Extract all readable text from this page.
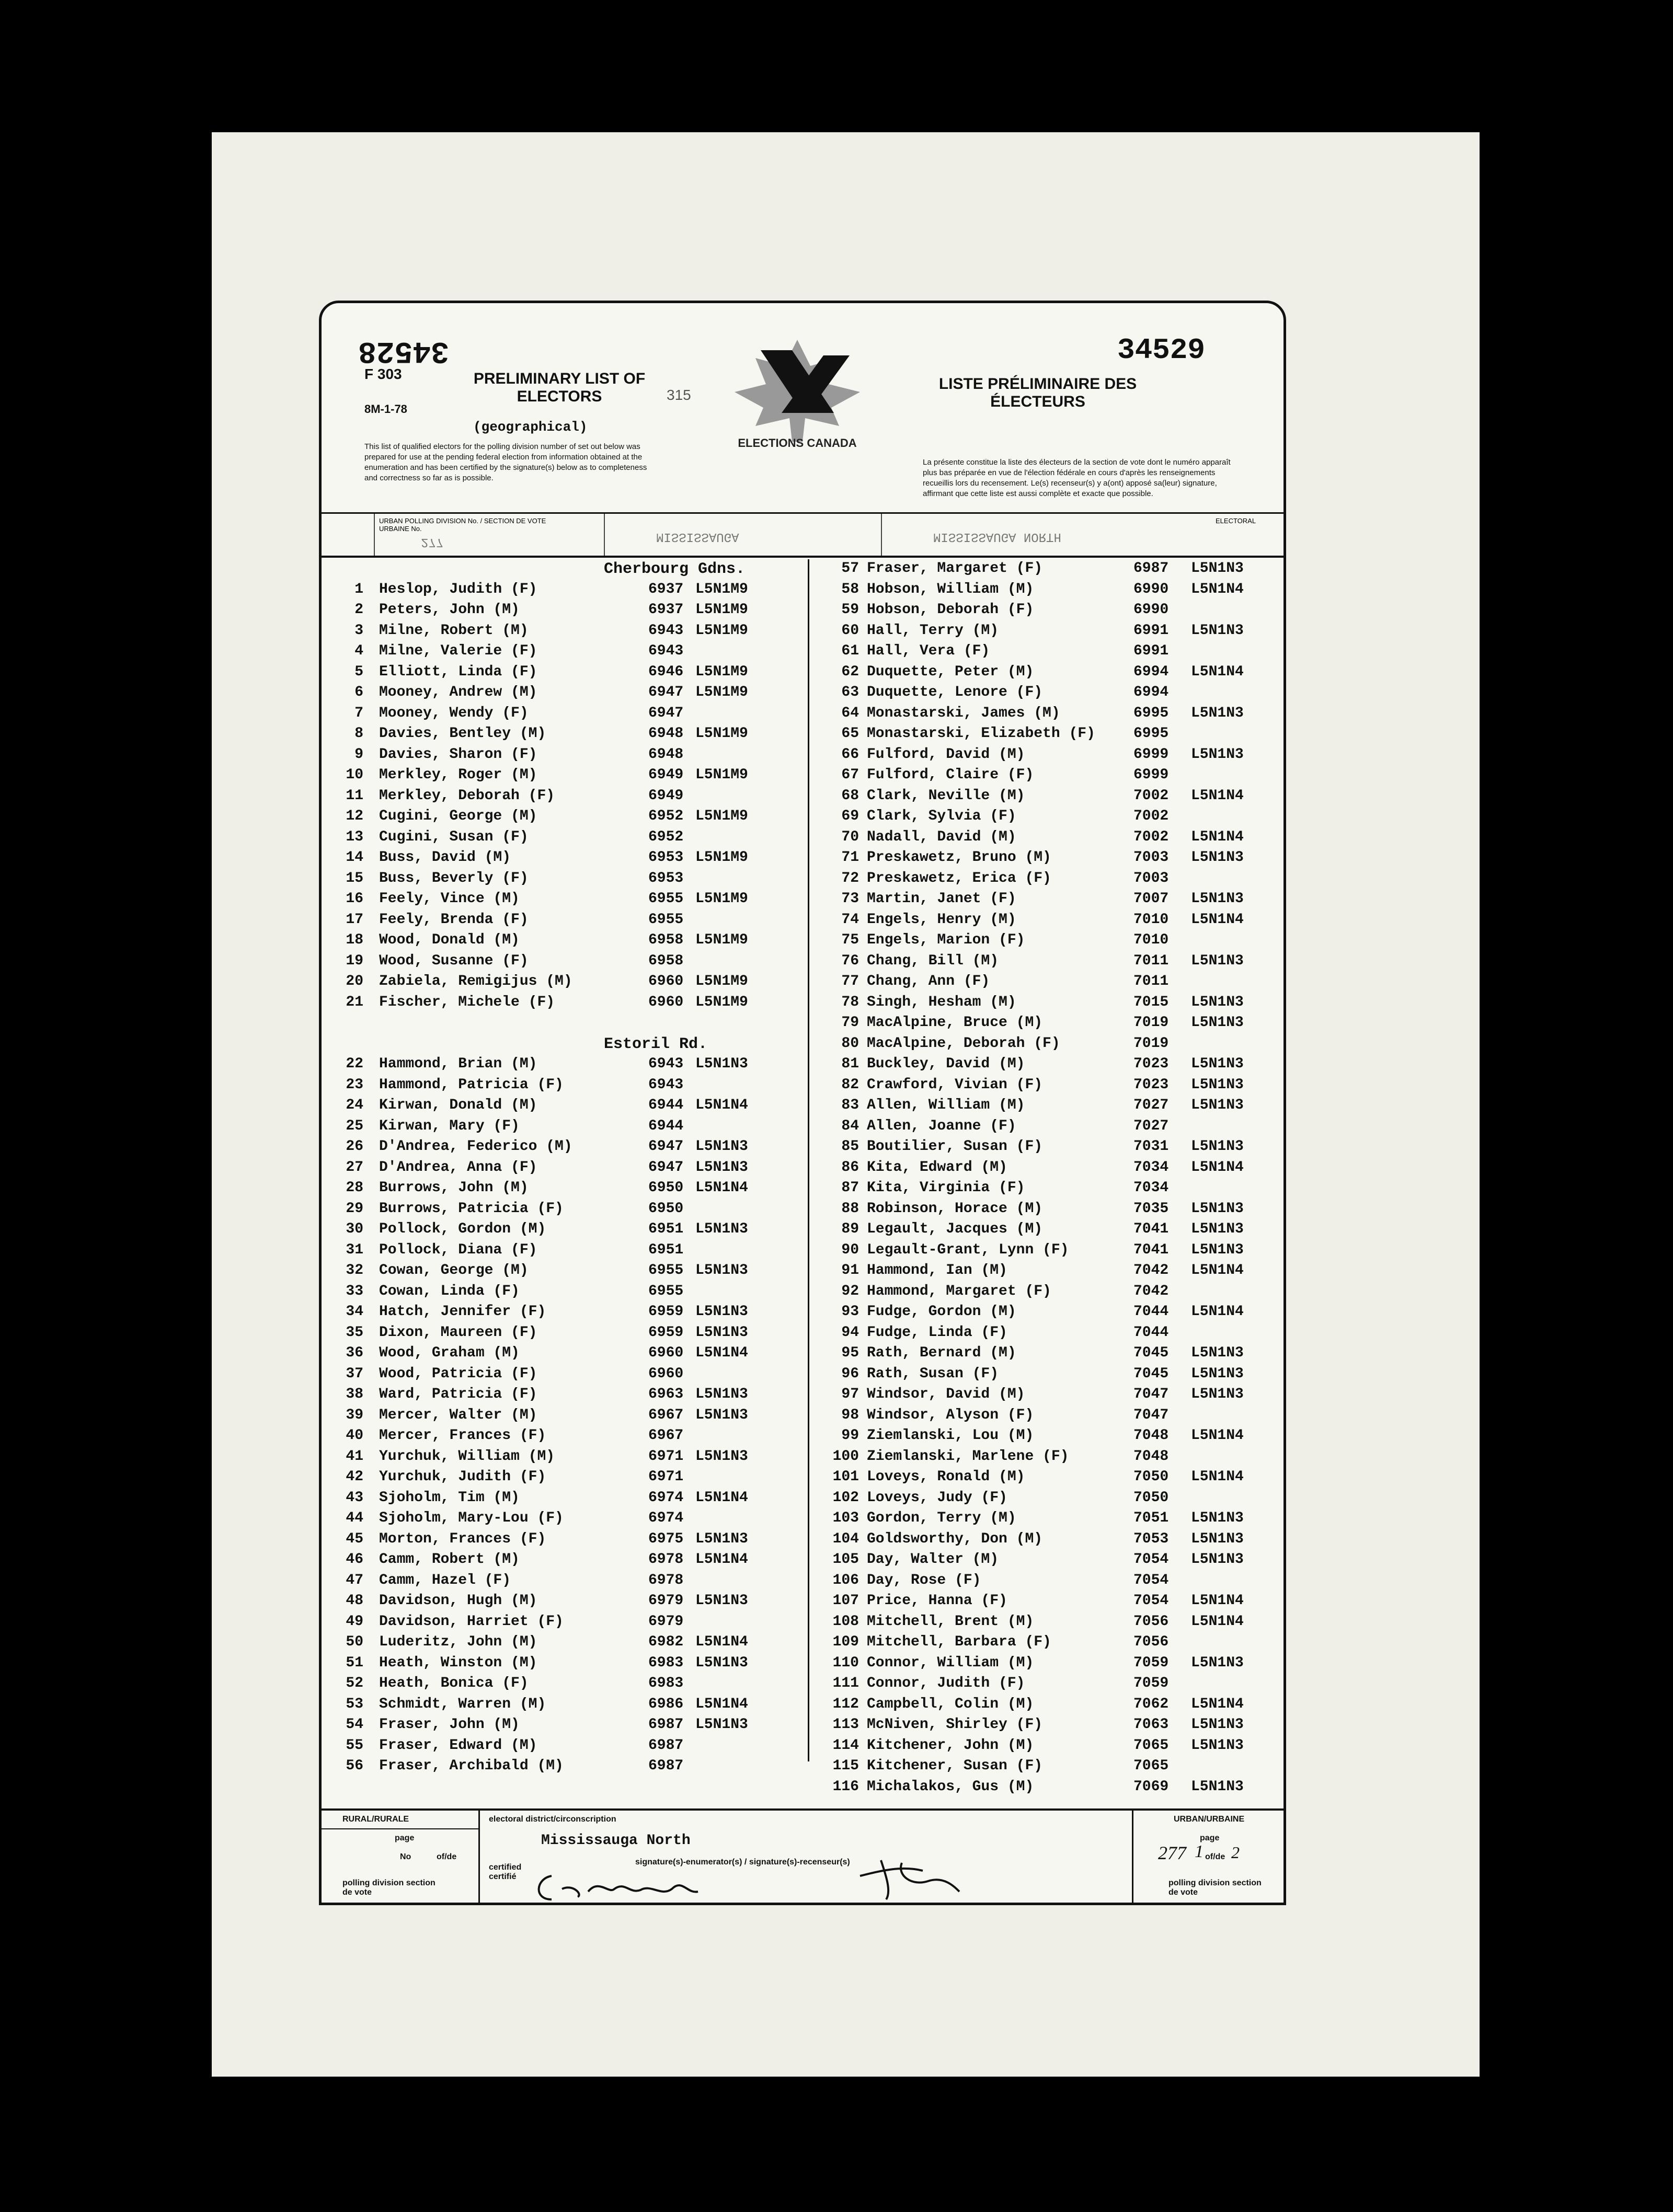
34528	34529
F 303
8M-1-78
PRELIMINARY LIST OF ELECTORS
(geographical)
315
ELECTIONS CANADA
LISTE PRÉLIMINAIRE DES ÉLECTEURS
This list of qualified electors for the polling division number of set out below was prepared for use at the pending federal election from information obtained at the enumeration and has been certified by the signature(s) below as to completeness and correctness so far as is possible.
La présente constitue la liste des électeurs de la section de vote dont le numéro apparaît plus bas préparée en vue de l'élection fédérale en cours d'après les renseignements recueillis lors du recensement. Le(s) recenseur(s) y a(ont) apposé sa(leur) signature, affirmant que cette liste est aussi complète et exacte que possible.
URBAN POLLING DIVISION No. / SECTION DE VOTE URBAINE No.
277	MISSISSAUGA
ELECTORAL
MISSISSAUGA NORTH
Cherbourg Gdns.
1 Heslop, Judith (F)	6937 L5N1M9
2 Peters, John (M)	6937 L5N1M9
3 Milne, Robert (M)	6943 L5N1M9
4 Milne, Valerie (F)	6943
5 Elliott, Linda (F)	6946 L5N1M9
6 Mooney, Andrew (M)	6947 L5N1M9
7 Mooney, Wendy (F)	6947
8 Davies, Bentley (M)	6948 L5N1M9
9 Davies, Sharon (F)	6948
10 Merkley, Roger (M)	6949 L5N1M9
11 Merkley, Deborah (F)	6949
12 Cugini, George (M)	6952 L5N1M9
13 Cugini, Susan (F)	6952
14 Buss, David (M)	6953 L5N1M9
15 Buss, Beverly (F)	6953
16 Feely, Vince (M)	6955 L5N1M9
17 Feely, Brenda (F)	6955
18 Wood, Donald (M)	6958 L5N1M9
19 Wood, Susanne (F)	6958
20 Zabiela, Remigijus (M)	6960 L5N1M9
21 Fischer, Michele (F)	6960 L5N1M9
Estoril Rd.
22 Hammond, Brian (M)	6943 L5N1N3
23 Hammond, Patricia (F)	6943
24 Kirwan, Donald (M)	6944 L5N1N4
25 Kirwan, Mary (F)	6944
26 D'Andrea, Federico (M)	6947 L5N1N3
27 D'Andrea, Anna (F)	6947 L5N1N3
28 Burrows, John (M)	6950 L5N1N4
29 Burrows, Patricia (F)	6950
30 Pollock, Gordon (M)	6951 L5N1N3
31 Pollock, Diana (F)	6951
32 Cowan, George (M)	6955 L5N1N3
33 Cowan, Linda (F)	6955
34 Hatch, Jennifer (F)	6959 L5N1N3
35 Dixon, Maureen (F)	6959 L5N1N3
36 Wood, Graham (M)	6960 L5N1N4
37 Wood, Patricia (F)	6960
38 Ward, Patricia (F)	6963 L5N1N3
39 Mercer, Walter (M)	6967 L5N1N3
40 Mercer, Frances (F)	6967
41 Yurchuk, William (M)	6971 L5N1N3
42 Yurchuk, Judith (F)	6971
43 Sjoholm, Tim (M)	6974 L5N1N4
44 Sjoholm, Mary-Lou (F)	6974
45 Morton, Frances (F)	6975 L5N1N3
46 Camm, Robert (M)	6978 L5N1N4
47 Camm, Hazel (F)	6978
48 Davidson, Hugh (M)	6979 L5N1N3
49 Davidson, Harriet (F)	6979
50 Luderitz, John (M)	6982 L5N1N4
51 Heath, Winston (M)	6983 L5N1N3
52 Heath, Bonica (F)	6983
53 Schmidt, Warren (M)	6986 L5N1N4
54 Fraser, John (M)	6987 L5N1N3
55 Fraser, Edward (M)	6987
56 Fraser, Archibald (M)	6987
57 Fraser, Margaret (F)	6987 L5N1N3
58 Hobson, William (M)	6990 L5N1N4
59 Hobson, Deborah (F)	6990
60 Hall, Terry (M)	6991 L5N1N3
61 Hall, Vera (F)	6991
62 Duquette, Peter (M)	6994 L5N1N4
63 Duquette, Lenore (F)	6994
64 Monastarski, James (M)	6995 L5N1N3
65 Monastarski, Elizabeth (F)	6995
66 Fulford, David (M)	6999 L5N1N3
67 Fulford, Claire (F)	6999
68 Clark, Neville (M)	7002 L5N1N4
69 Clark, Sylvia (F)	7002
70 Nadall, David (M)	7002 L5N1N4
71 Preskawetz, Bruno (M)	7003 L5N1N3
72 Preskawetz, Erica (F)	7003
73 Martin, Janet (F)	7007 L5N1N3
74 Engels, Henry (M)	7010 L5N1N4
75 Engels, Marion (F)	7010
76 Chang, Bill (M)	7011 L5N1N3
77 Chang, Ann (F)	7011
78 Singh, Hesham (M)	7015 L5N1N3
79 MacAlpine, Bruce (M)	7019 L5N1N3
80 MacAlpine, Deborah (F)	7019
81 Buckley, David (M)	7023 L5N1N3
82 Crawford, Vivian (F)	7023 L5N1N3
83 Allen, William (M)	7027 L5N1N3
84 Allen, Joanne (F)	7027
85 Boutilier, Susan (F)	7031 L5N1N3
86 Kita, Edward (M)	7034 L5N1N4
87 Kita, Virginia (F)	7034
88 Robinson, Horace (M)	7035 L5N1N3
89 Legault, Jacques (M)	7041 L5N1N3
90 Legault-Grant, Lynn (F)	7041 L5N1N3
91 Hammond, Ian (M)	7042 L5N1N4
92 Hammond, Margaret (F)	7042
93 Fudge, Gordon (M)	7044 L5N1N4
94 Fudge, Linda (F)	7044
95 Rath, Bernard (M)	7045 L5N1N3
96 Rath, Susan (F)	7045 L5N1N3
97 Windsor, David (M)	7047 L5N1N3
98 Windsor, Alyson (F)	7047
99 Ziemlanski, Lou (M)	7048 L5N1N4
100 Ziemlanski, Marlene (F)	7048
101 Loveys, Ronald (M)	7050 L5N1N4
102 Loveys, Judy (F)	7050
103 Gordon, Terry (M)	7051 L5N1N3
104 Goldsworthy, Don (M)	7053 L5N1N3
105 Day, Walter (M)	7054 L5N1N3
106 Day, Rose (F)	7054
107 Price, Hanna (F)	7054 L5N1N4
108 Mitchell, Brent (M)	7056 L5N1N4
109 Mitchell, Barbara (F)	7056
110 Connor, William (M)	7059 L5N1N3
111 Connor, Judith (F)	7059
112 Campbell, Colin (M)	7062 L5N1N4
113 McNiven, Shirley (F)	7063 L5N1N3
114 Kitchener, John (M)	7065 L5N1N3
115 Kitchener, Susan (F)	7065
116 Michalakos, Gus (M)	7069 L5N1N3
RURAL/RURALE
page
No	of/de
polling division section de vote
electoral district/circonscription
Mississauga North
certified certifié
signature(s)-enumerator(s) / signature(s)-recenseur(s)
URBAN/URBAINE
page
277 of/de
1 2
polling division section de vote
